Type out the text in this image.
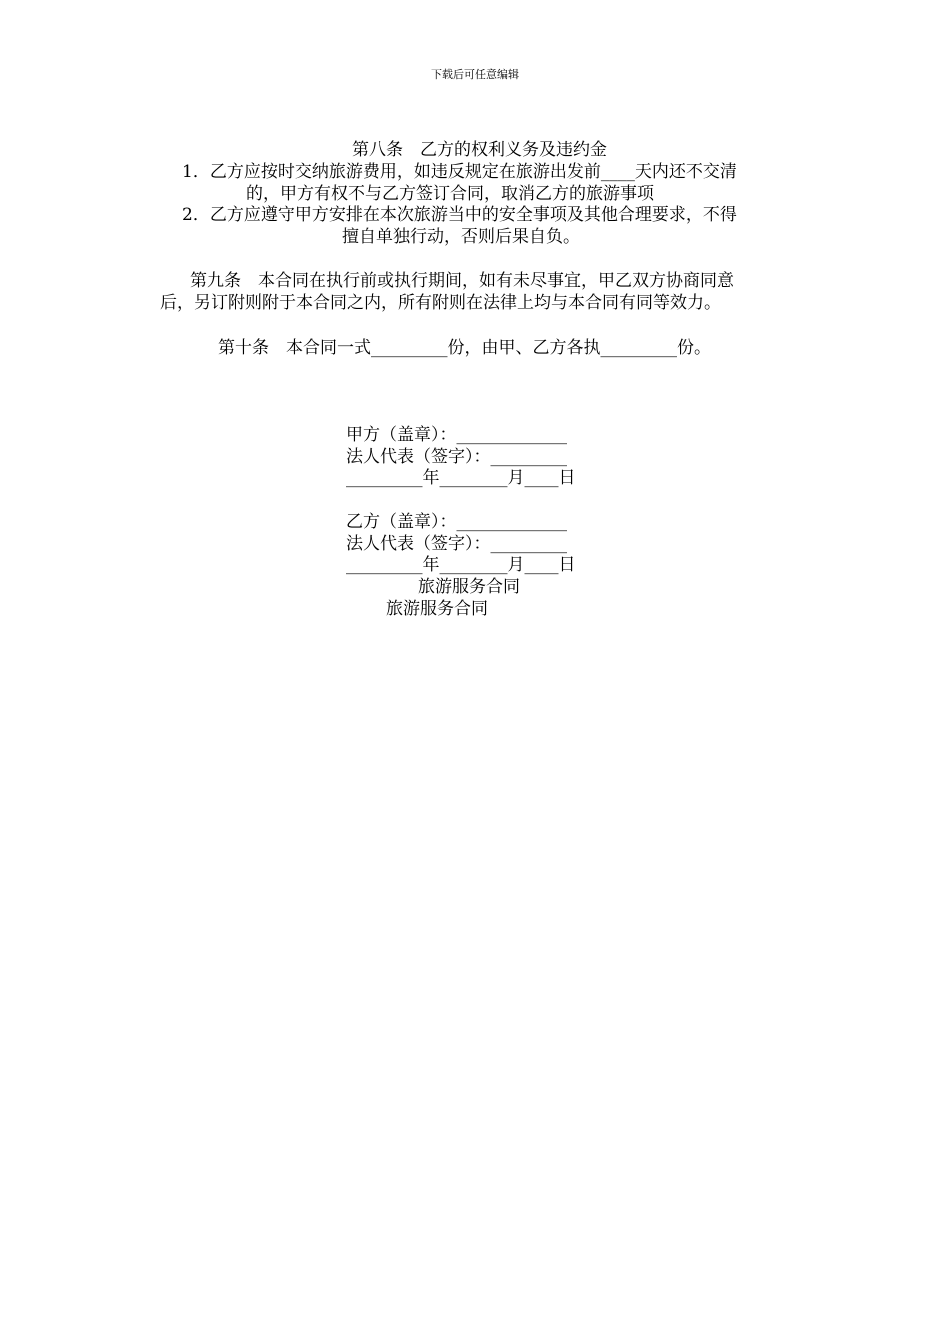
下载后可任意编辑
第八条　乙方的权利义务及违约金
1．乙方应按时交纳旅游费用，如违反规定在旅游出发前____天内还不交清
的，甲方有权不与乙方签订合同，取消乙方的旅游事项
2．乙方应遵守甲方安排在本次旅游当中的安全事项及其他合理要求，不得
擅自单独行动，否则后果自负。
第九条　本合同在执行前或执行期间，如有未尽事宜，甲乙双方协商同意
后，另订附则附于本合同之内，所有附则在法律上均与本合同有同等效力。
第十条　本合同一式_________份，由甲、乙方各执_________份。
甲方（盖章）：_____________
法人代表（签字）：_________
_________年________月____日
乙方（盖章）：_____________
法人代表（签字）：_________
_________年________月____日
旅游服务合同
旅游服务合同
